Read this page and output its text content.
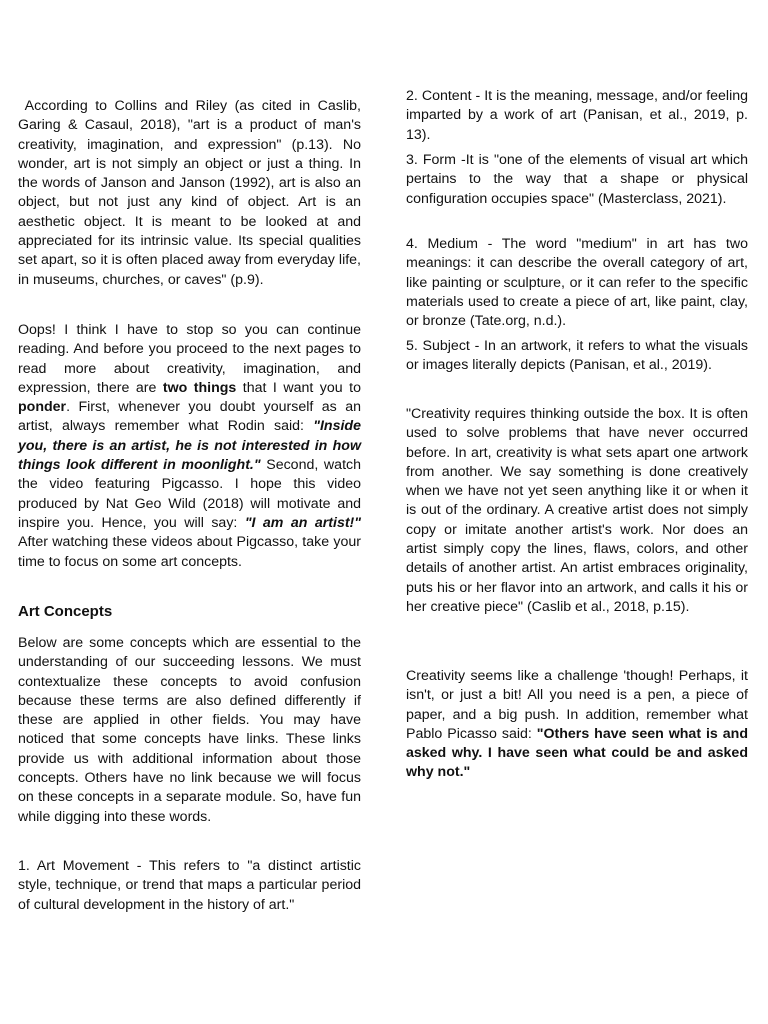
According to Collins and Riley (as cited in Caslib, Garing & Casaul, 2018), "art is a product of man's creativity, imagination, and expression" (p.13). No wonder, art is not simply an object or just a thing. In the words of Janson and Janson (1992), art is also an object, but not just any kind of object. Art is an aesthetic object. It is meant to be looked at and appreciated for its intrinsic value. Its special qualities set apart, so it is often placed away from everyday life, in museums, churches, or caves" (p.9).

Oops! I think I have to stop so you can continue reading. And before you proceed to the next pages to read more about creativity, imagination, and expression, there are two things that I want you to ponder. First, whenever you doubt yourself as an artist, always remember what Rodin said: "Inside you, there is an artist, he is not interested in how things look different in moonlight." Second, watch the video featuring Pigcasso. I hope this video produced by Nat Geo Wild (2018) will motivate and inspire you. Hence, you will say: "I am an artist!" After watching these videos about Pigcasso, take your time to focus on some art concepts.

Art Concepts

Below are some concepts which are essential to the understanding of our succeeding lessons. We must contextualize these concepts to avoid confusion because these terms are also defined differently if these are applied in other fields. You may have noticed that some concepts have links. These links provide us with additional information about those concepts. Others have no link because we will focus on these concepts in a separate module. So, have fun while digging into these words.

1. Art Movement - This refers to "a distinct artistic style, technique, or trend that maps a particular period of cultural development in the history of art."

2. Content - It is the meaning, message, and/or feeling imparted by a work of art (Panisan, et al., 2019, p. 13).

3. Form -It is "one of the elements of visual art which pertains to the way that a shape or physical configuration occupies space" (Masterclass, 2021).

4. Medium - The word "medium" in art has two meanings: it can describe the overall category of art, like painting or sculpture, or it can refer to the specific materials used to create a piece of art, like paint, clay, or bronze (Tate.org, n.d.).

5. Subject - In an artwork, it refers to what the visuals or images literally depicts (Panisan, et al., 2019).

"Creativity requires thinking outside the box. It is often used to solve problems that have never occurred before. In art, creativity is what sets apart one artwork from another. We say something is done creatively when we have not yet seen anything like it or when it is out of the ordinary. A creative artist does not simply copy or imitate another artist's work. Nor does an artist simply copy the lines, flaws, colors, and other details of another artist. An artist embraces originality, puts his or her flavor into an artwork, and calls it his or her creative piece" (Caslib et al., 2018, p.15).

Creativity seems like a challenge 'though! Perhaps, it isn't, or just a bit! All you need is a pen, a piece of paper, and a big push. In addition, remember what Pablo Picasso said: "Others have seen what is and asked why. I have seen what could be and asked why not."
